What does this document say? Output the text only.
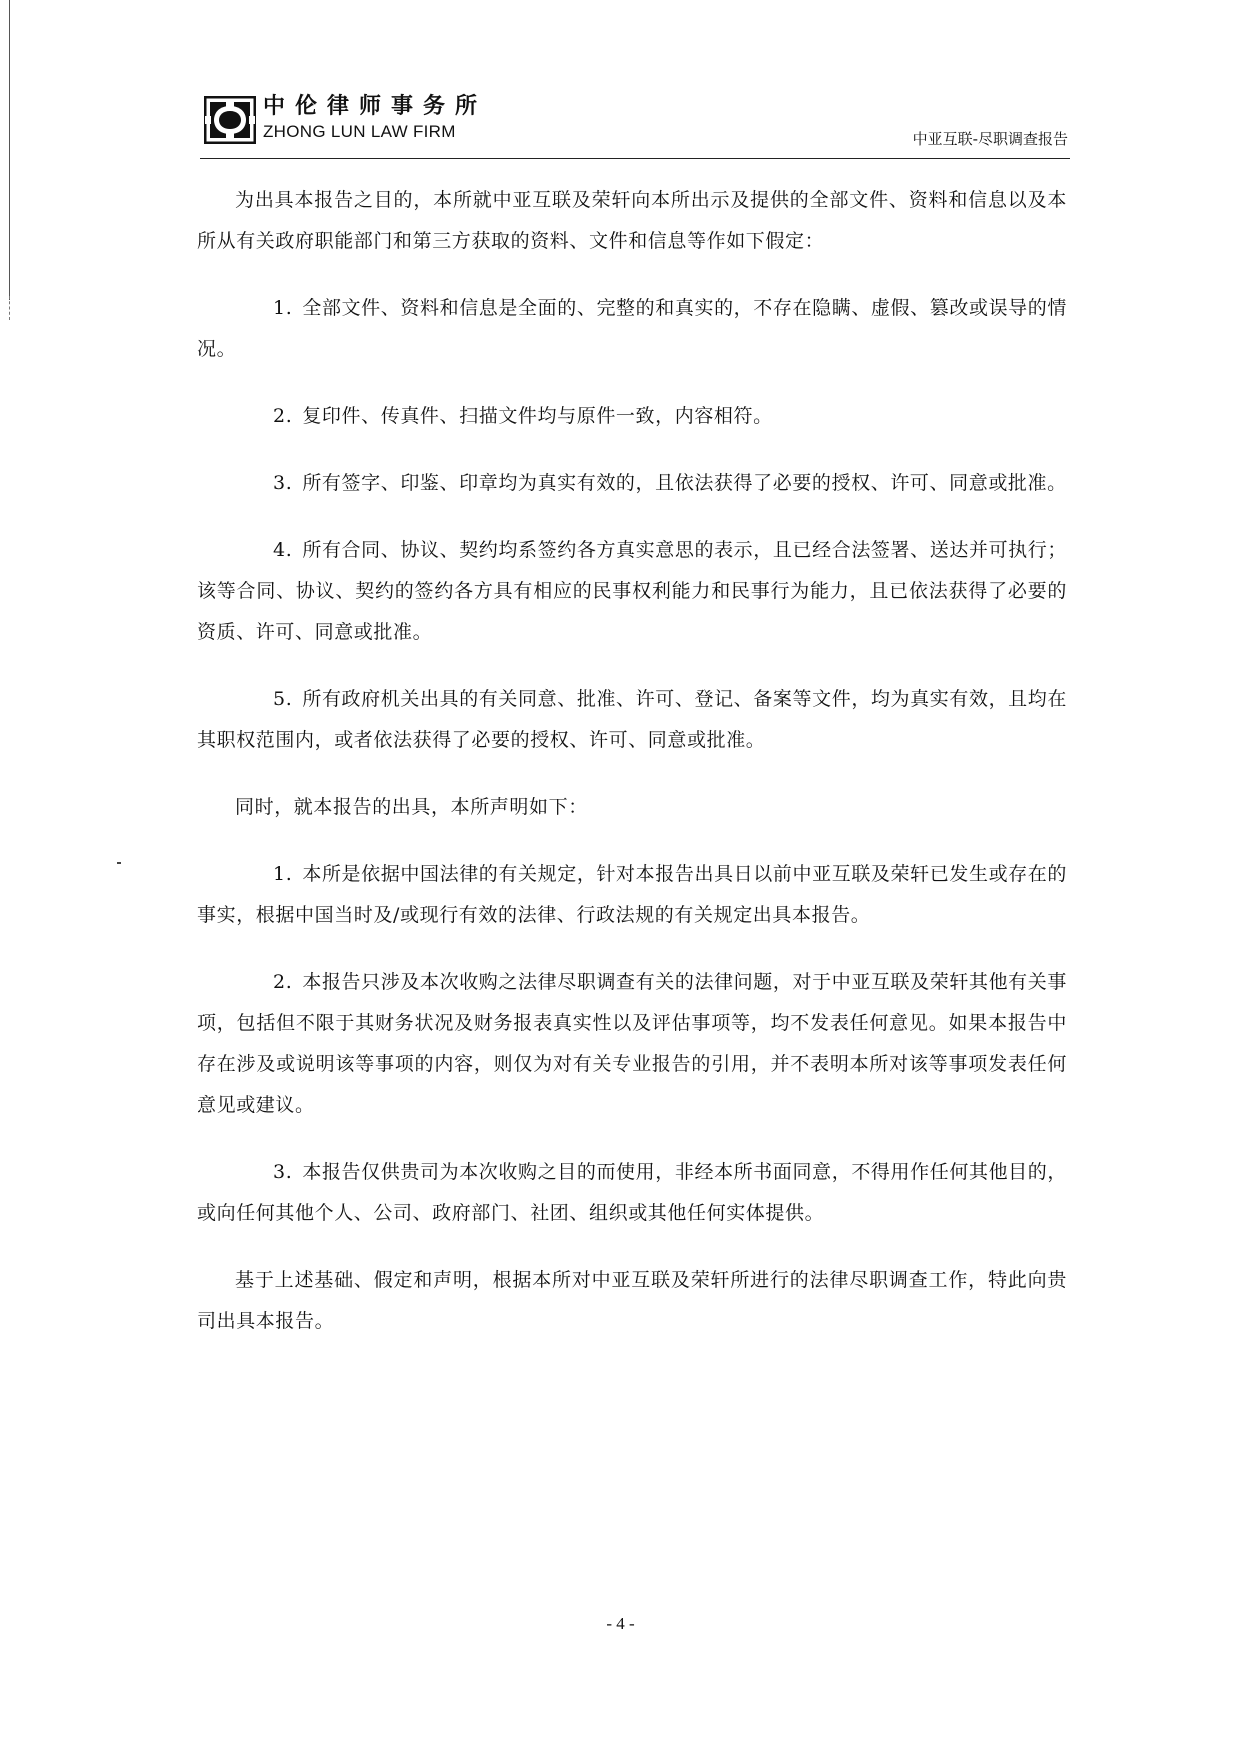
中伦律师事务所
ZHONG LUN LAW FIRM	中亚互联-尽职调查报告

为出具本报告之目的，本所就中亚互联及荣轩向本所出示及提供的全部文件、资料和信息以及本所从有关政府职能部门和第三方获取的资料、文件和信息等作如下假定：

1. 全部文件、资料和信息是全面的、完整的和真实的，不存在隐瞒、虚假、篡改或误导的情况。

2. 复印件、传真件、扫描文件均与原件一致，内容相符。

3. 所有签字、印鉴、印章均为真实有效的，且依法获得了必要的授权、许可、同意或批准。

4. 所有合同、协议、契约均系签约各方真实意思的表示，且已经合法签署、送达并可执行；该等合同、协议、契约的签约各方具有相应的民事权利能力和民事行为能力，且已依法获得了必要的资质、许可、同意或批准。

5. 所有政府机关出具的有关同意、批准、许可、登记、备案等文件，均为真实有效，且均在其职权范围内，或者依法获得了必要的授权、许可、同意或批准。

同时，就本报告的出具，本所声明如下：

1. 本所是依据中国法律的有关规定，针对本报告出具日以前中亚互联及荣轩已发生或存在的事实，根据中国当时及/或现行有效的法律、行政法规的有关规定出具本报告。

2. 本报告只涉及本次收购之法律尽职调查有关的法律问题，对于中亚互联及荣轩其他有关事项，包括但不限于其财务状况及财务报表真实性以及评估事项等，均不发表任何意见。如果本报告中存在涉及或说明该等事项的内容，则仅为对有关专业报告的引用，并不表明本所对该等事项发表任何意见或建议。

3. 本报告仅供贵司为本次收购之目的而使用，非经本所书面同意，不得用作任何其他目的，或向任何其他个人、公司、政府部门、社团、组织或其他任何实体提供。

基于上述基础、假定和声明，根据本所对中亚互联及荣轩所进行的法律尽职调查工作，特此向贵司出具本报告。

- 4 -
